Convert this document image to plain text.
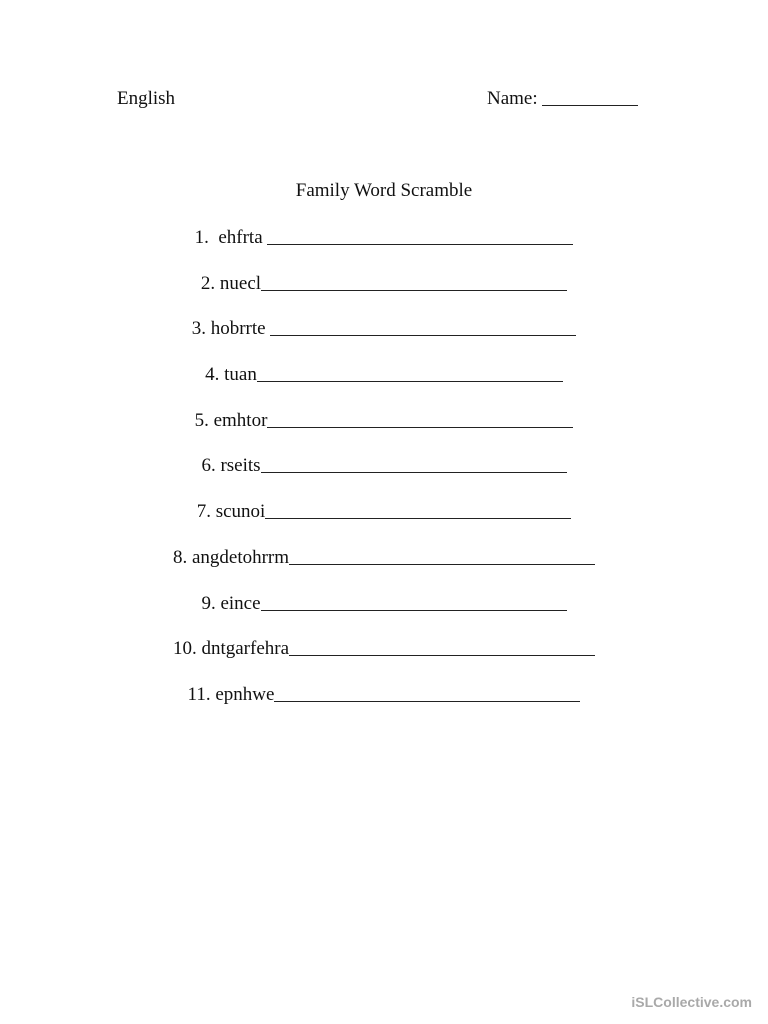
English	Name:
Family Word Scramble
1. ehfrta
2. nuecl
3. hobrrte
4. tuan
5. emhtor
6. rseits
7. scunoi
8. angdetohrrm
9. eince
10. dntgarfehra
11. epnhwe
iSLCollective.com
